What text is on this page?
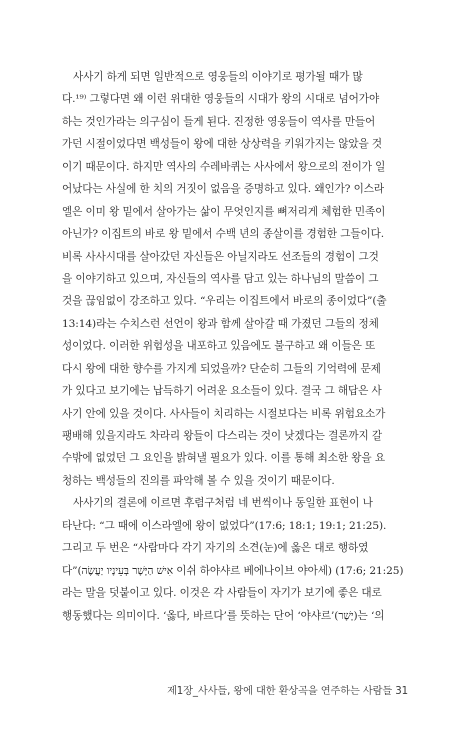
사사기 하게 되면 일반적으로 영웅들의 이야기로 평가될 때가 많
다.¹⁹⁾ 그렇다면 왜 이런 위대한 영웅들의 시대가 왕의 시대로 넘어가야
하는 것인가라는 의구심이 들게 된다. 진정한 영웅들이 역사를 만들어
가던 시절이었다면 백성들이 왕에 대한 상상력을 키워가지는 않았을 것
이기 때문이다. 하지만 역사의 수레바퀴는 사사에서 왕으로의 전이가 일
어났다는 사실에 한 치의 거짓이 없음을 증명하고 있다. 왜인가? 이스라
엘은 이미 왕 밑에서 살아가는 삶이 무엇인지를 뼈저리게 체험한 민족이
아닌가? 이집트의 바로 왕 밑에서 수백 년의 종살이를 경험한 그들이다.
비록 사사시대를 살아갔던 자신들은 아닐지라도 선조들의 경험이 그것
을 이야기하고 있으며, 자신들의 역사를 담고 있는 하나님의 말씀이 그
것을 끊임없이 강조하고 있다. “우리는 이집트에서 바로의 종이었다”(출
13:14)라는 수치스런 선언이 왕과 함께 살아갈 때 가졌던 그들의 정체
성이었다. 이러한 위험성을 내포하고 있음에도 불구하고 왜 이들은 또
다시 왕에 대한 향수를 가지게 되었을까? 단순히 그들의 기억력에 문제
가 있다고 보기에는 납득하기 어려운 요소들이 있다. 결국 그 해답은 사
사기 안에 있을 것이다. 사사들이 치리하는 시절보다는 비록 위험요소가
팽배해 있을지라도 차라리 왕들이 다스리는 것이 낫겠다는 결론까지 갈
수밖에 없었던 그 요인을 밝혀낼 필요가 있다. 이를 통해 최소한 왕을 요
청하는 백성들의 진의를 파악해 볼 수 있을 것이기 때문이다.
사사기의 결론에 이르면 후렴구처럼 네 번씩이나 동일한 표현이 나
타난다: “그 때에 이스라엘에 왕이 없었다”(17:6; 18:1; 19:1; 21:25).
그리고 두 번은 “사람마다 각기 자기의 소견(눈)에 옳은 대로 행하였
다”(אִישׁ הַיָּשָׁר בְּעֵינָיו יַעֲשֶׂה 이쉬 하야샤르 베에나이브 야아세) (17:6; 21:25)
라는 말을 덧붙이고 있다. 이것은 각 사람들이 자기가 보기에 좋은 대로
행동했다는 의미이다. ‘옳다, 바르다’를 뜻하는 단어 ‘야샤르’(יָשָׁר)는 ‘의
제1장_사사들, 왕에 대한 환상곡을 연주하는 사람들 31
